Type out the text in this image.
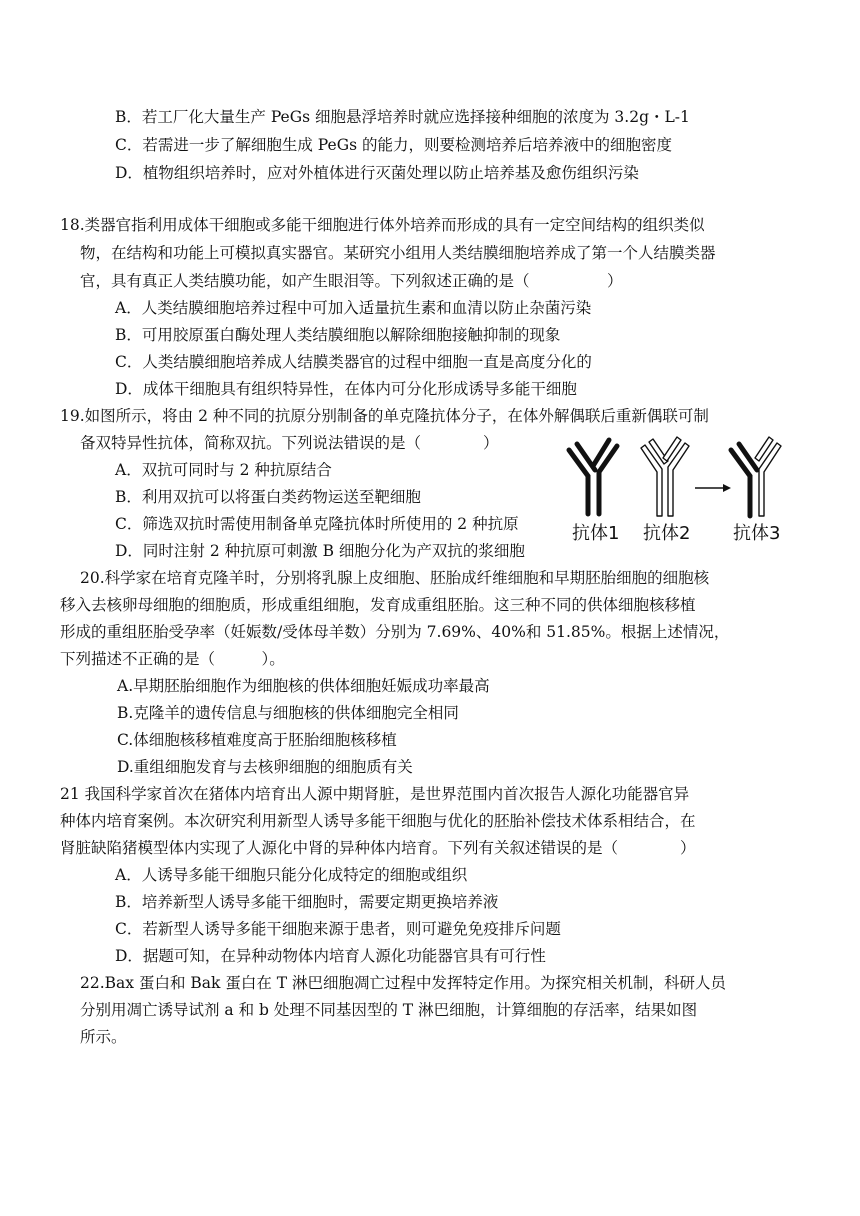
B．若工厂化大量生产 PeGs 细胞悬浮培养时就应选择接种细胞的浓度为 3.2g・L-1
C．若需进一步了解细胞生成 PeGs 的能力，则要检测培养后培养液中的细胞密度
D．植物组织培养时，应对外植体进行灭菌处理以防止培养基及愈伤组织污染
18.类器官指利用成体干细胞或多能干细胞进行体外培养而形成的具有一定空间结构的组织类似
物，在结构和功能上可模拟真实器官。某研究小组用人类结膜细胞培养成了第一个人结膜类器
官，具有真正人类结膜功能，如产生眼泪等。下列叙述正确的是（　　　　　）
A．人类结膜细胞培养过程中可加入适量抗生素和血清以防止杂菌污染
B．可用胶原蛋白酶处理人类结膜细胞以解除细胞接触抑制的现象
C．人类结膜细胞培养成人结膜类器官的过程中细胞一直是高度分化的
D．成体干细胞具有组织特异性，在体内可分化形成诱导多能干细胞
19.如图所示，将由 2 种不同的抗原分别制备的单克隆抗体分子，在体外解偶联后重新偶联可制
备双特异性抗体，简称双抗。下列说法错误的是（　　　　）
A．双抗可同时与 2 种抗原结合
B．利用双抗可以将蛋白类药物运送至靶细胞
C．筛选双抗时需使用制备单克隆抗体时所使用的 2 种抗原
D．同时注射 2 种抗原可刺激 B 细胞分化为产双抗的浆细胞
抗体1 抗体2 抗体3
20.科学家在培育克隆羊时，分别将乳腺上皮细胞、胚胎成纤维细胞和早期胚胎细胞的细胞核
移入去核卵母细胞的细胞质，形成重组细胞，发育成重组胚胎。这三种不同的供体细胞核移植
形成的重组胚胎受孕率（妊娠数/受体母羊数）分别为 7.69%、40%和 51.85%。根据上述情况，
下列描述不正确的是（　　　）。
A.早期胚胎细胞作为细胞核的供体细胞妊娠成功率最高
B.克隆羊的遗传信息与细胞核的供体细胞完全相同
C.体细胞核移植难度高于胚胎细胞核移植
D.重组细胞发育与去核卵细胞的细胞质有关
21 我国科学家首次在猪体内培育出人源中期肾脏，是世界范围内首次报告人源化功能器官异
种体内培育案例。本次研究利用新型人诱导多能干细胞与优化的胚胎补偿技术体系相结合，在
肾脏缺陷猪模型体内实现了人源化中肾的异种体内培育。下列有关叙述错误的是（　　　　）
A．人诱导多能干细胞只能分化成特定的细胞或组织
B．培养新型人诱导多能干细胞时，需要定期更换培养液
C．若新型人诱导多能干细胞来源于患者，则可避免免疫排斥问题
D．据题可知，在异种动物体内培育人源化功能器官具有可行性
22.Bax 蛋白和 Bak 蛋白在 T 淋巴细胞凋亡过程中发挥特定作用。为探究相关机制，科研人员
分别用凋亡诱导试剂 a 和 b 处理不同基因型的 T 淋巴细胞，计算细胞的存活率，结果如图
所示。
